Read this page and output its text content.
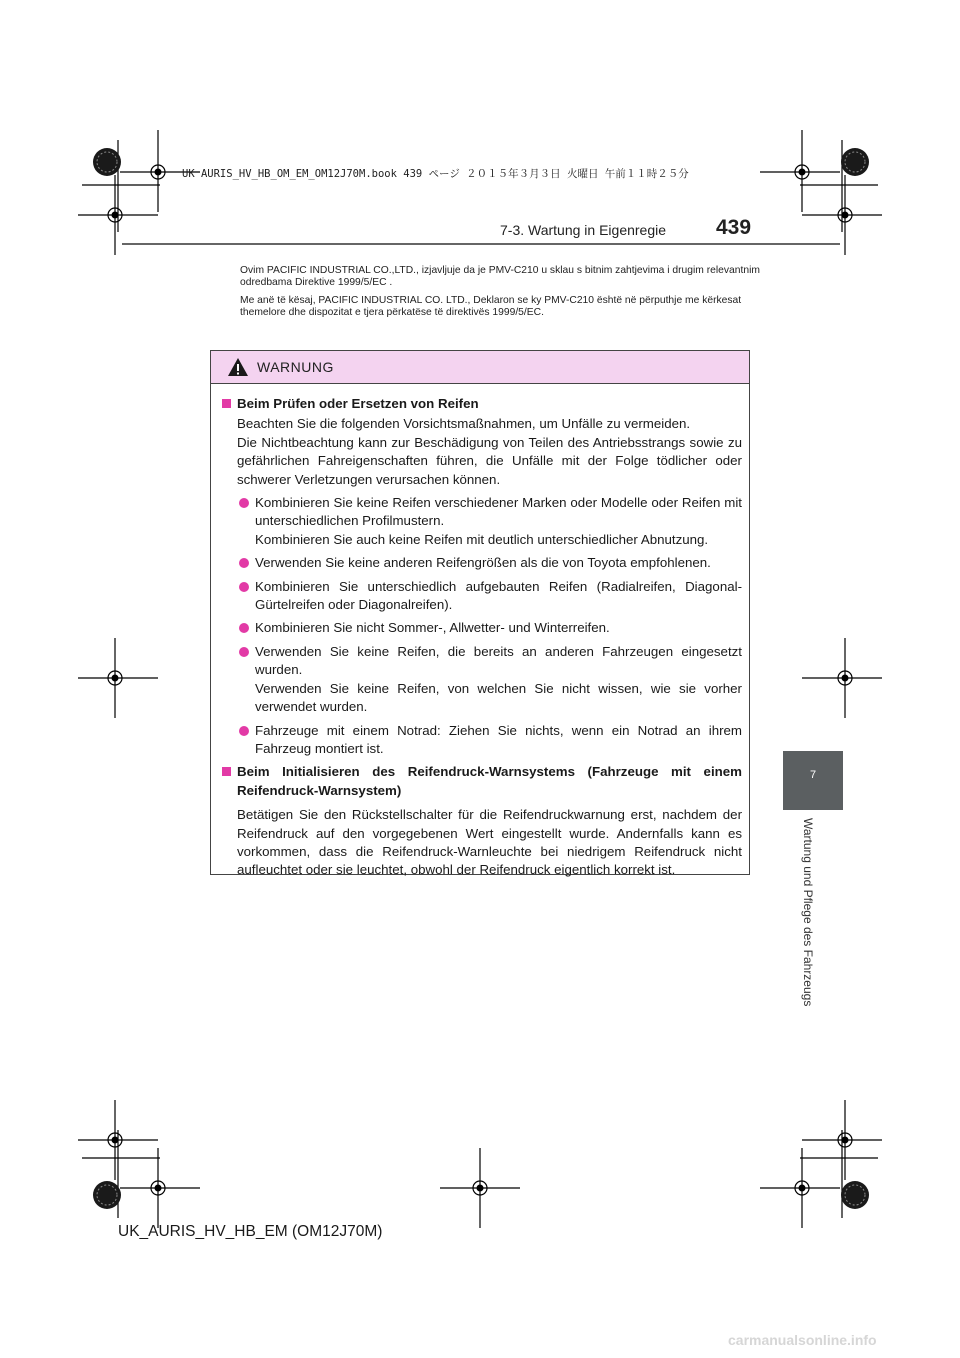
UK AURIS_HV_HB_OM_EM_OM12J70M.book 439 ページ ２０１５年３月３日 火曜日 午前１１時２５分
7-3. Wartung in Eigenregie 439
7
Wartung und Pflege des Fahrzeugs
Ovim PACIFIC INDUSTRIAL CO.,LTD., izjavljuje da je PMV-C210 u sklau s bitnim zahtjevima i drugim relevantnim odredbama Direktive 1999/5/EC .
Me anë të kësaj, PACIFIC INDUSTRIAL CO. LTD., Deklaron se ky PMV-C210 është në përputhje me kërkesat themelore dhe dispozitat e tjera përkatëse të direktivës 1999/5/EC.
WARNUNG
Beim Prüfen oder Ersetzen von Reifen
Beachten Sie die folgenden Vorsichtsmaßnahmen, um Unfälle zu vermeiden.
Die Nichtbeachtung kann zur Beschädigung von Teilen des Antriebsstrangs sowie zu gefährlichen Fahreigenschaften führen, die Unfälle mit der Folge tödlicher oder schwerer Verletzungen verursachen können.
Kombinieren Sie keine Reifen verschiedener Marken oder Modelle oder Reifen mit unterschiedlichen Profilmustern.
Kombinieren Sie auch keine Reifen mit deutlich unterschiedlicher Abnutzung.
Verwenden Sie keine anderen Reifengrößen als die von Toyota empfohlenen.
Kombinieren Sie unterschiedlich aufgebauten Reifen (Radialreifen, Diagonal-Gürtelreifen oder Diagonalreifen).
Kombinieren Sie nicht Sommer-, Allwetter- und Winterreifen.
Verwenden Sie keine Reifen, die bereits an anderen Fahrzeugen eingesetzt wurden.
Verwenden Sie keine Reifen, von welchen Sie nicht wissen, wie sie vorher verwendet wurden.
Fahrzeuge mit einem Notrad: Ziehen Sie nichts, wenn ein Notrad an ihrem Fahrzeug montiert ist.
Beim Initialisieren des Reifendruck-Warnsystems (Fahrzeuge mit einem Reifendruck-Warnsystem)
Betätigen Sie den Rückstellschalter für die Reifendruckwarnung erst, nachdem der Reifendruck auf den vorgegebenen Wert eingestellt wurde. Andernfalls kann es vorkommen, dass die Reifendruck-Warnleuchte bei niedrigem Reifendruck nicht aufleuchtet oder sie leuchtet, obwohl der Reifendruck eigentlich korrekt ist.
UK_AURIS_HV_HB_EM (OM12J70M)
carmanualsonline.info
